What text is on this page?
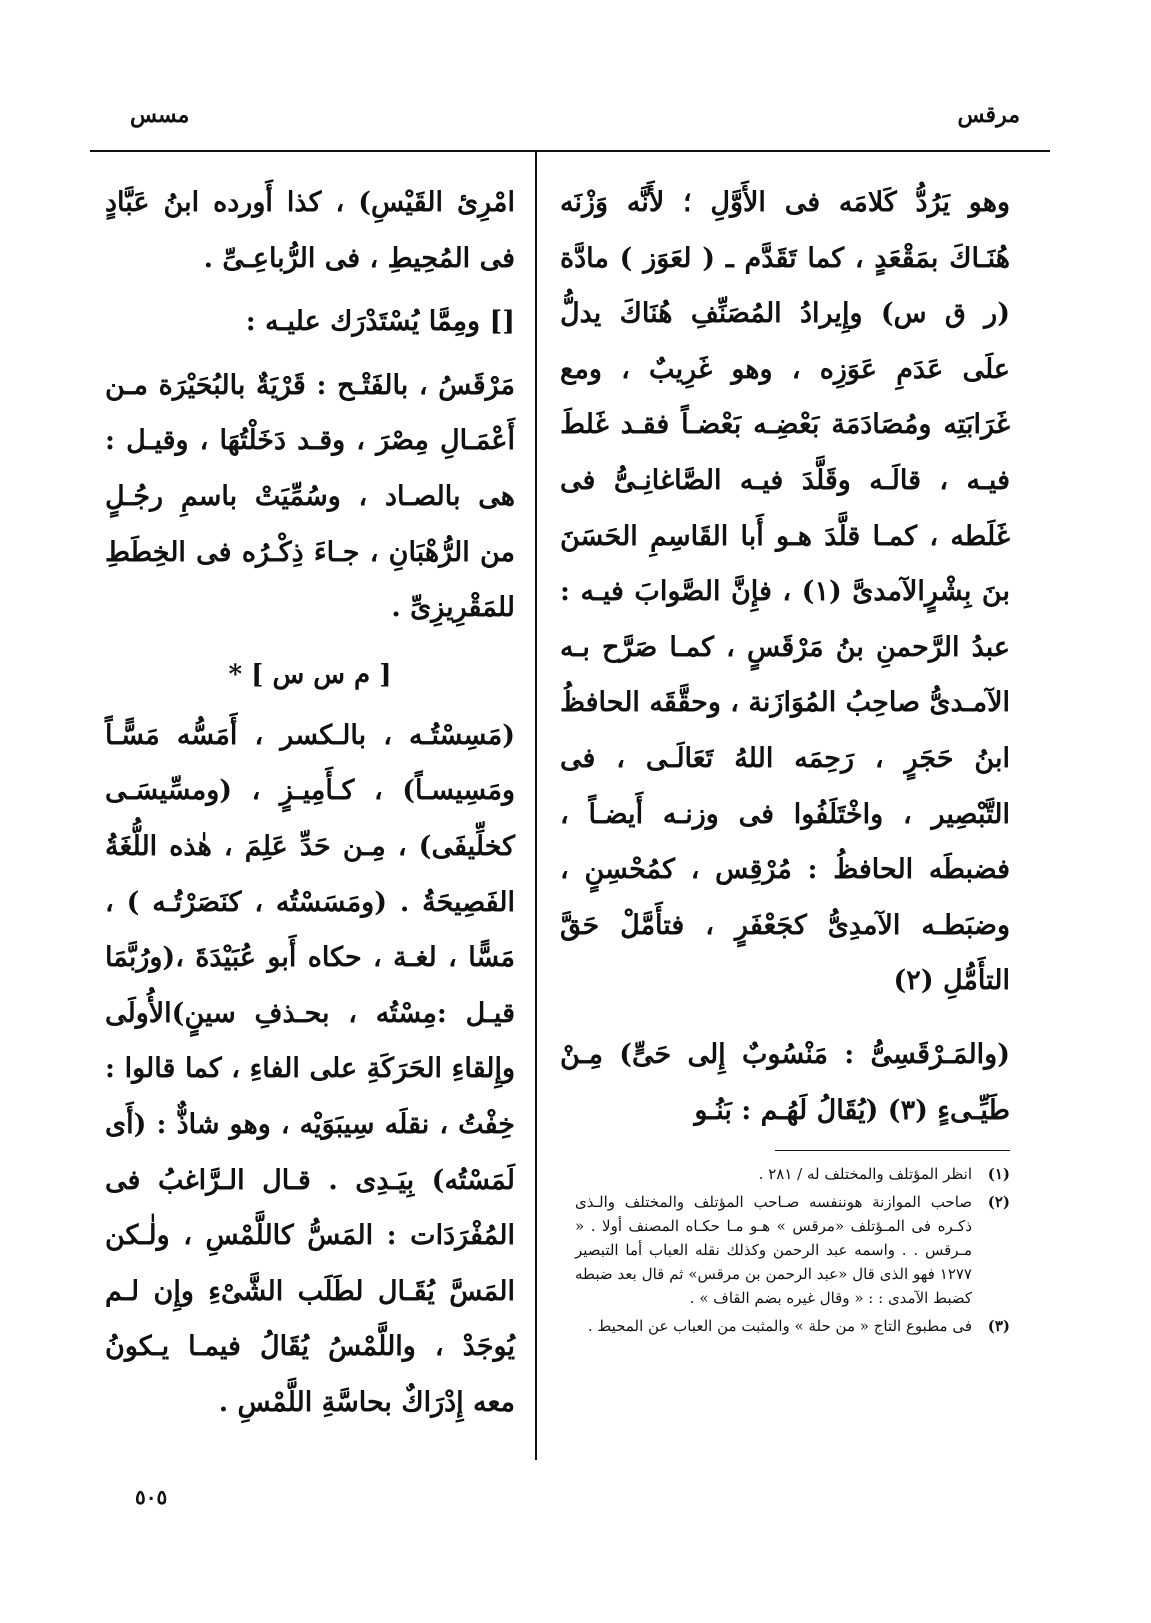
مرقس
مسس

وهو يَرُدُّ كَلامَه فى الأَوَّلِ ؛ لأَنَّه وَزْنَه هُنَـاكَ بمَقْعَدٍ ، كما تَقَدَّم ـ ( لعَوَز ) مادَّة (ر ق س) وإِيرادُ المُصَنِّفِ هُنَاكَ يدلُّ علَى عَدَمِ عَوَزِه ، وهو غَرِيبٌ ، ومع غَرَابَتِه ومُصَادَمَة بَعْضِـه بَعْضـاً فقـد غَلطَ فيـه ، قالَـه وقَلَّدَ فيـه الصَّاغانِـىُّ فى غَلَطه ، كمـا قلَّدَ هـو أَبا القَاسِمِ الحَسَنَ بنَ بِشْرٍالآمدىَّ (١) ، فإِنَّ الصَّوابَ فيـه : عبدُ الرَّحمنِ بنُ مَرْقَسٍ ، كمـا صَرَّح بـه الآمـدىُّ صاحِبُ المُوَازَنة ، وحقَّقَه الحافظُ ابنُ حَجَرٍ ، رَحِمَه اللهُ تَعَالَـى ، فى التَّبْصِير ، واخْتَلَفُوا فى وزنـه أَيضـاً ، فضبطَه الحافظُ : مُرْقِس ، كمُحْسِنٍ ، وضبَطـه الآمدِىُّ كجَعْفَرٍ ، فتأَمَّلْ حَقَّ التأَمُّلِ (٢)

(والمَـرْقَسِىُّ : مَنْسُوبٌ إِلى حَىٍّ) مِـنْ طَيِّـىءٍ (٣) (يُقَالُ لَهُـم : بَنُـو

امْرِئ القَيْسِ) ، كذا أَورده ابنُ عَبَّادٍ فى المُحِيطِ ، فى الرُّباعِـىِّ .

[] ومِمَّا يُسْتَدْرَك عليـه :

مَرْقَسُ ، بالفَتْـح : قَرْيَةٌ بالبُحَيْرَة مـن أَعْمَـالِ مِصْرَ ، وقـد دَخَلْتُهَا ، وقيـل : هى بالصـاد ، وسُمِّيَتْ باسمِ رجُـلٍ من الرُّهْبَانِ ، جـاءَ ذِكْـرُه فى الخِطَطِ للمَقْرِيزِىِّ .

[ م س س ] *

(مَسِسْتُـه ، بالـكسر ، أَمَسُّه مَسًّـاً ومَسِيسـاً) ، كـأَمِيـزٍ ، (ومسِّيسَـى كخلِّيفَى) ، مِـن حَدِّ عَلِمَ ، هٰذه اللُّغَةُ الفَصِيحَةُ . (ومَسَسْتُه ، كنَصَرْتُـه ) ، مَسًّا ، لغـة ، حكاه أَبو عُبَيْدَةَ ،(ورُبَّمَا قيـل :مِسْتُه ، بحـذفِ سينٍ)الأُولَى وإِلقاءِ الحَرَكَةِ على الفاءِ ، كما قالوا : خِفْتُ ، نقلَه سِيبَوَيْه ، وهو شاذٌّ : (أَى لَمَسْتُه) بِيَـدِى . قـال الـرَّاغبُ فى المُفْرَدَات : المَسُّ كاللَّمْسِ ، ولٰـكن المَسَّ يُقَـال لطَلَب الشَّىْءِ وإِن لـم يُوجَدْ ، واللَّمْسُ يُقَالُ فيمـا يـكونُ معه إِدْرَاكٌ بحاسَّةِ اللَّمْسِ .

(١)
انظر المؤتلف والمختلف له / ٢٨١ .
(٢)
صاحب الموازنة هوننفسه صـاحب المؤتلف والمختلف والـذى ذكـره فى المـؤتلف «مرقس » هـو مـا حكـاه المصنف أولا . « مـرقس . . واسمه عبد الرحمن وكذلك نقله العباب أما التبصير ١٢٧٧ فهو الذى قال «عبد الرحمن بن مرقس» ثم قال بعد ضبطه كضبط الآمدى : : « وقال غيره بضم القاف » .
(٣)
فى مطبوع التاج « من حلة » والمثبت من العباب عن المحيط .
٥٠٥
